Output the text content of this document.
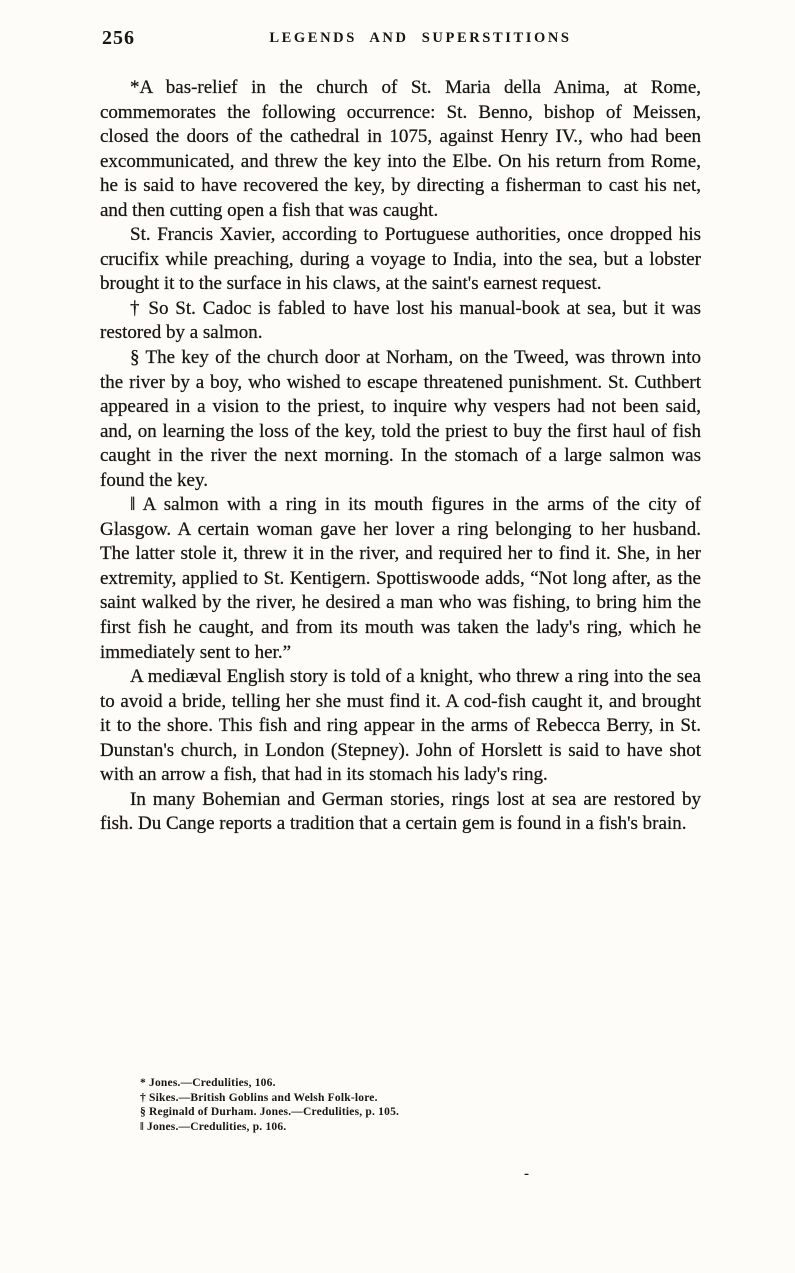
256	LEGENDS AND SUPERSTITIONS

*A bas-relief in the church of St. Maria della Anima, at Rome, commemorates the following occurrence: St. Benno, bishop of Meissen, closed the doors of the cathedral in 1075, against Henry IV., who had been excommunicated, and threw the key into the Elbe. On his return from Rome, he is said to have recovered the key, by directing a fisherman to cast his net, and then cutting open a fish that was caught.

St. Francis Xavier, according to Portuguese authorities, once dropped his crucifix while preaching, during a voyage to India, into the sea, but a lobster brought it to the surface in his claws, at the saint's earnest request.

† So St. Cadoc is fabled to have lost his manual-book at sea, but it was restored by a salmon.

§ The key of the church door at Norham, on the Tweed, was thrown into the river by a boy, who wished to escape threatened punishment. St. Cuthbert appeared in a vision to the priest, to inquire why vespers had not been said, and, on learning the loss of the key, told the priest to buy the first haul of fish caught in the river the next morning. In the stomach of a large salmon was found the key.

‖ A salmon with a ring in its mouth figures in the arms of the city of Glasgow. A certain woman gave her lover a ring belonging to her husband. The latter stole it, threw it in the river, and required her to find it. She, in her extremity, applied to St. Kentigern. Spottiswoode adds, “Not long after, as the saint walked by the river, he desired a man who was fishing, to bring him the first fish he caught, and from its mouth was taken the lady's ring, which he immediately sent to her.”

A mediæval English story is told of a knight, who threw a ring into the sea to avoid a bride, telling her she must find it. A cod-fish caught it, and brought it to the shore. This fish and ring appear in the arms of Rebecca Berry, in St. Dunstan's church, in London (Stepney). John of Horslett is said to have shot with an arrow a fish, that had in its stomach his lady's ring.

In many Bohemian and German stories, rings lost at sea are restored by fish. Du Cange reports a tradition that a certain gem is found in a fish's brain.

* Jones.—Credulities, 106.

† Sikes.—British Goblins and Welsh Folk-lore.

§ Reginald of Durham. Jones.—Credulities, p. 105.

‖ Jones.—Credulities, p. 106.

-
